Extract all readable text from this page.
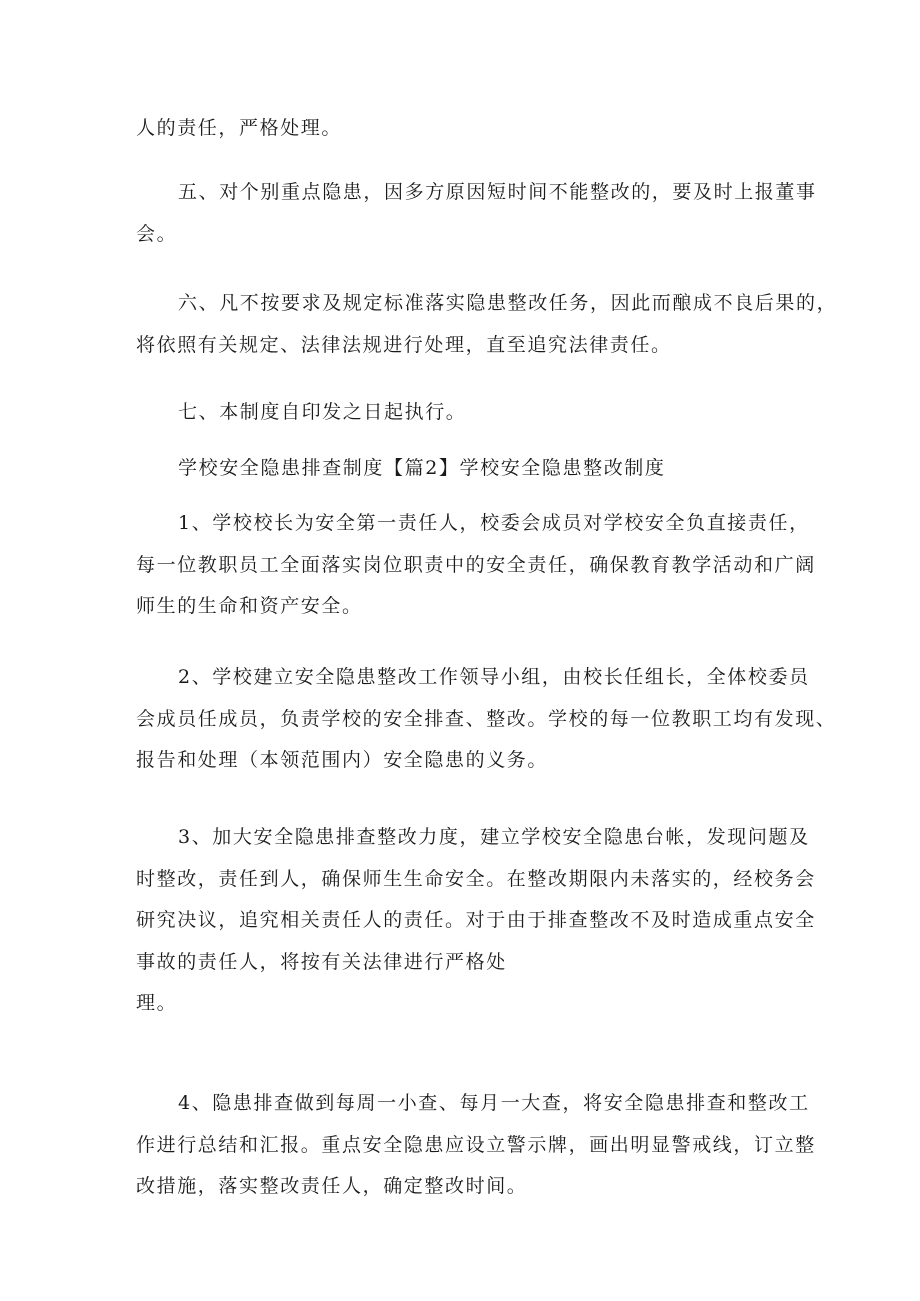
人的责任，严格处理。
五、对个别重点隐患，因多方原因短时间不能整改的，要及时上报董事
会。
六、凡不按要求及规定标准落实隐患整改任务，因此而酿成不良后果的，
将依照有关规定、法律法规进行处理，直至追究法律责任。
七、本制度自印发之日起执行。
学校安全隐患排查制度【篇2】学校安全隐患整改制度
1、学校校长为安全第一责任人，校委会成员对学校安全负直接责任，
每一位教职员工全面落实岗位职责中的安全责任，确保教育教学活动和广阔
师生的生命和资产安全。
2、学校建立安全隐患整改工作领导小组，由校长任组长，全体校委员
会成员任成员，负责学校的安全排查、整改。学校的每一位教职工均有发现、
报告和处理（本领范围内）安全隐患的义务。
3、加大安全隐患排查整改力度，建立学校安全隐患台帐，发现问题及
时整改，责任到人，确保师生生命安全。在整改期限内未落实的，经校务会
研究决议，追究相关责任人的责任。对于由于排查整改不及时造成重点安全
事故的责任人，将按有关法律进行严格处
理。
4、隐患排查做到每周一小查、每月一大查，将安全隐患排查和整改工
作进行总结和汇报。重点安全隐患应设立警示牌，画出明显警戒线，订立整
改措施，落实整改责任人，确定整改时间。
